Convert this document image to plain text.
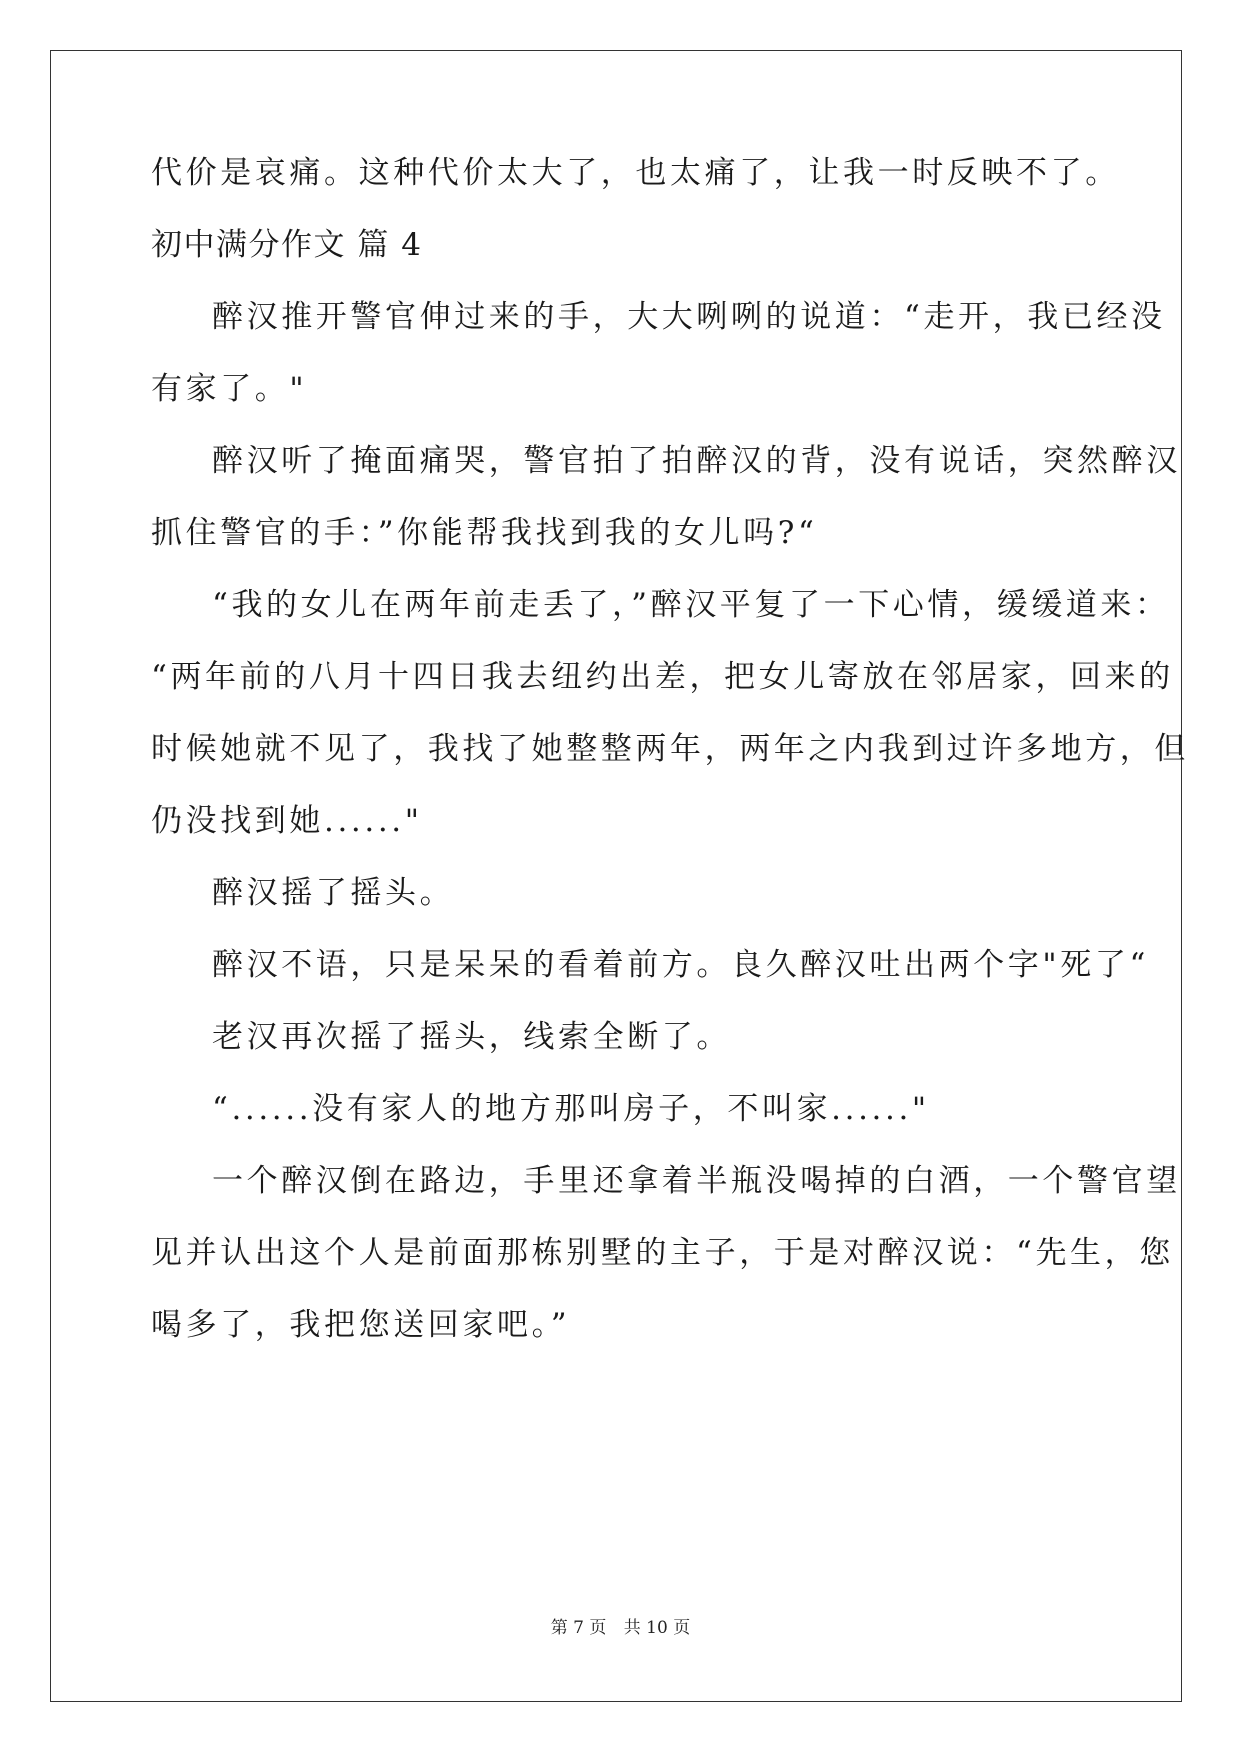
代价是哀痛。这种代价太大了，也太痛了，让我一时反映不了。
初中满分作文 篇 4
醉汉推开警官伸过来的手，大大咧咧的说道：“走开，我已经没
有家了。"
醉汉听了掩面痛哭，警官拍了拍醉汉的背，没有说话，突然醉汉
抓住警官的手：”你能帮我找到我的女儿吗?“
“我的女儿在两年前走丢了，”醉汉平复了一下心情，缓缓道来：
“两年前的八月十四日我去纽约出差，把女儿寄放在邻居家，回来的
时候她就不见了，我找了她整整两年，两年之内我到过许多地方，但
仍没找到她......"
醉汉摇了摇头。
醉汉不语，只是呆呆的看着前方。良久醉汉吐出两个字"死了“
老汉再次摇了摇头，线索全断了。
“......没有家人的地方那叫房子，不叫家......"
一个醉汉倒在路边，手里还拿着半瓶没喝掉的白酒，一个警官望
见并认出这个人是前面那栋别墅的主子，于是对醉汉说：“先生，您
喝多了，我把您送回家吧。”
第 7 页 共 10 页
